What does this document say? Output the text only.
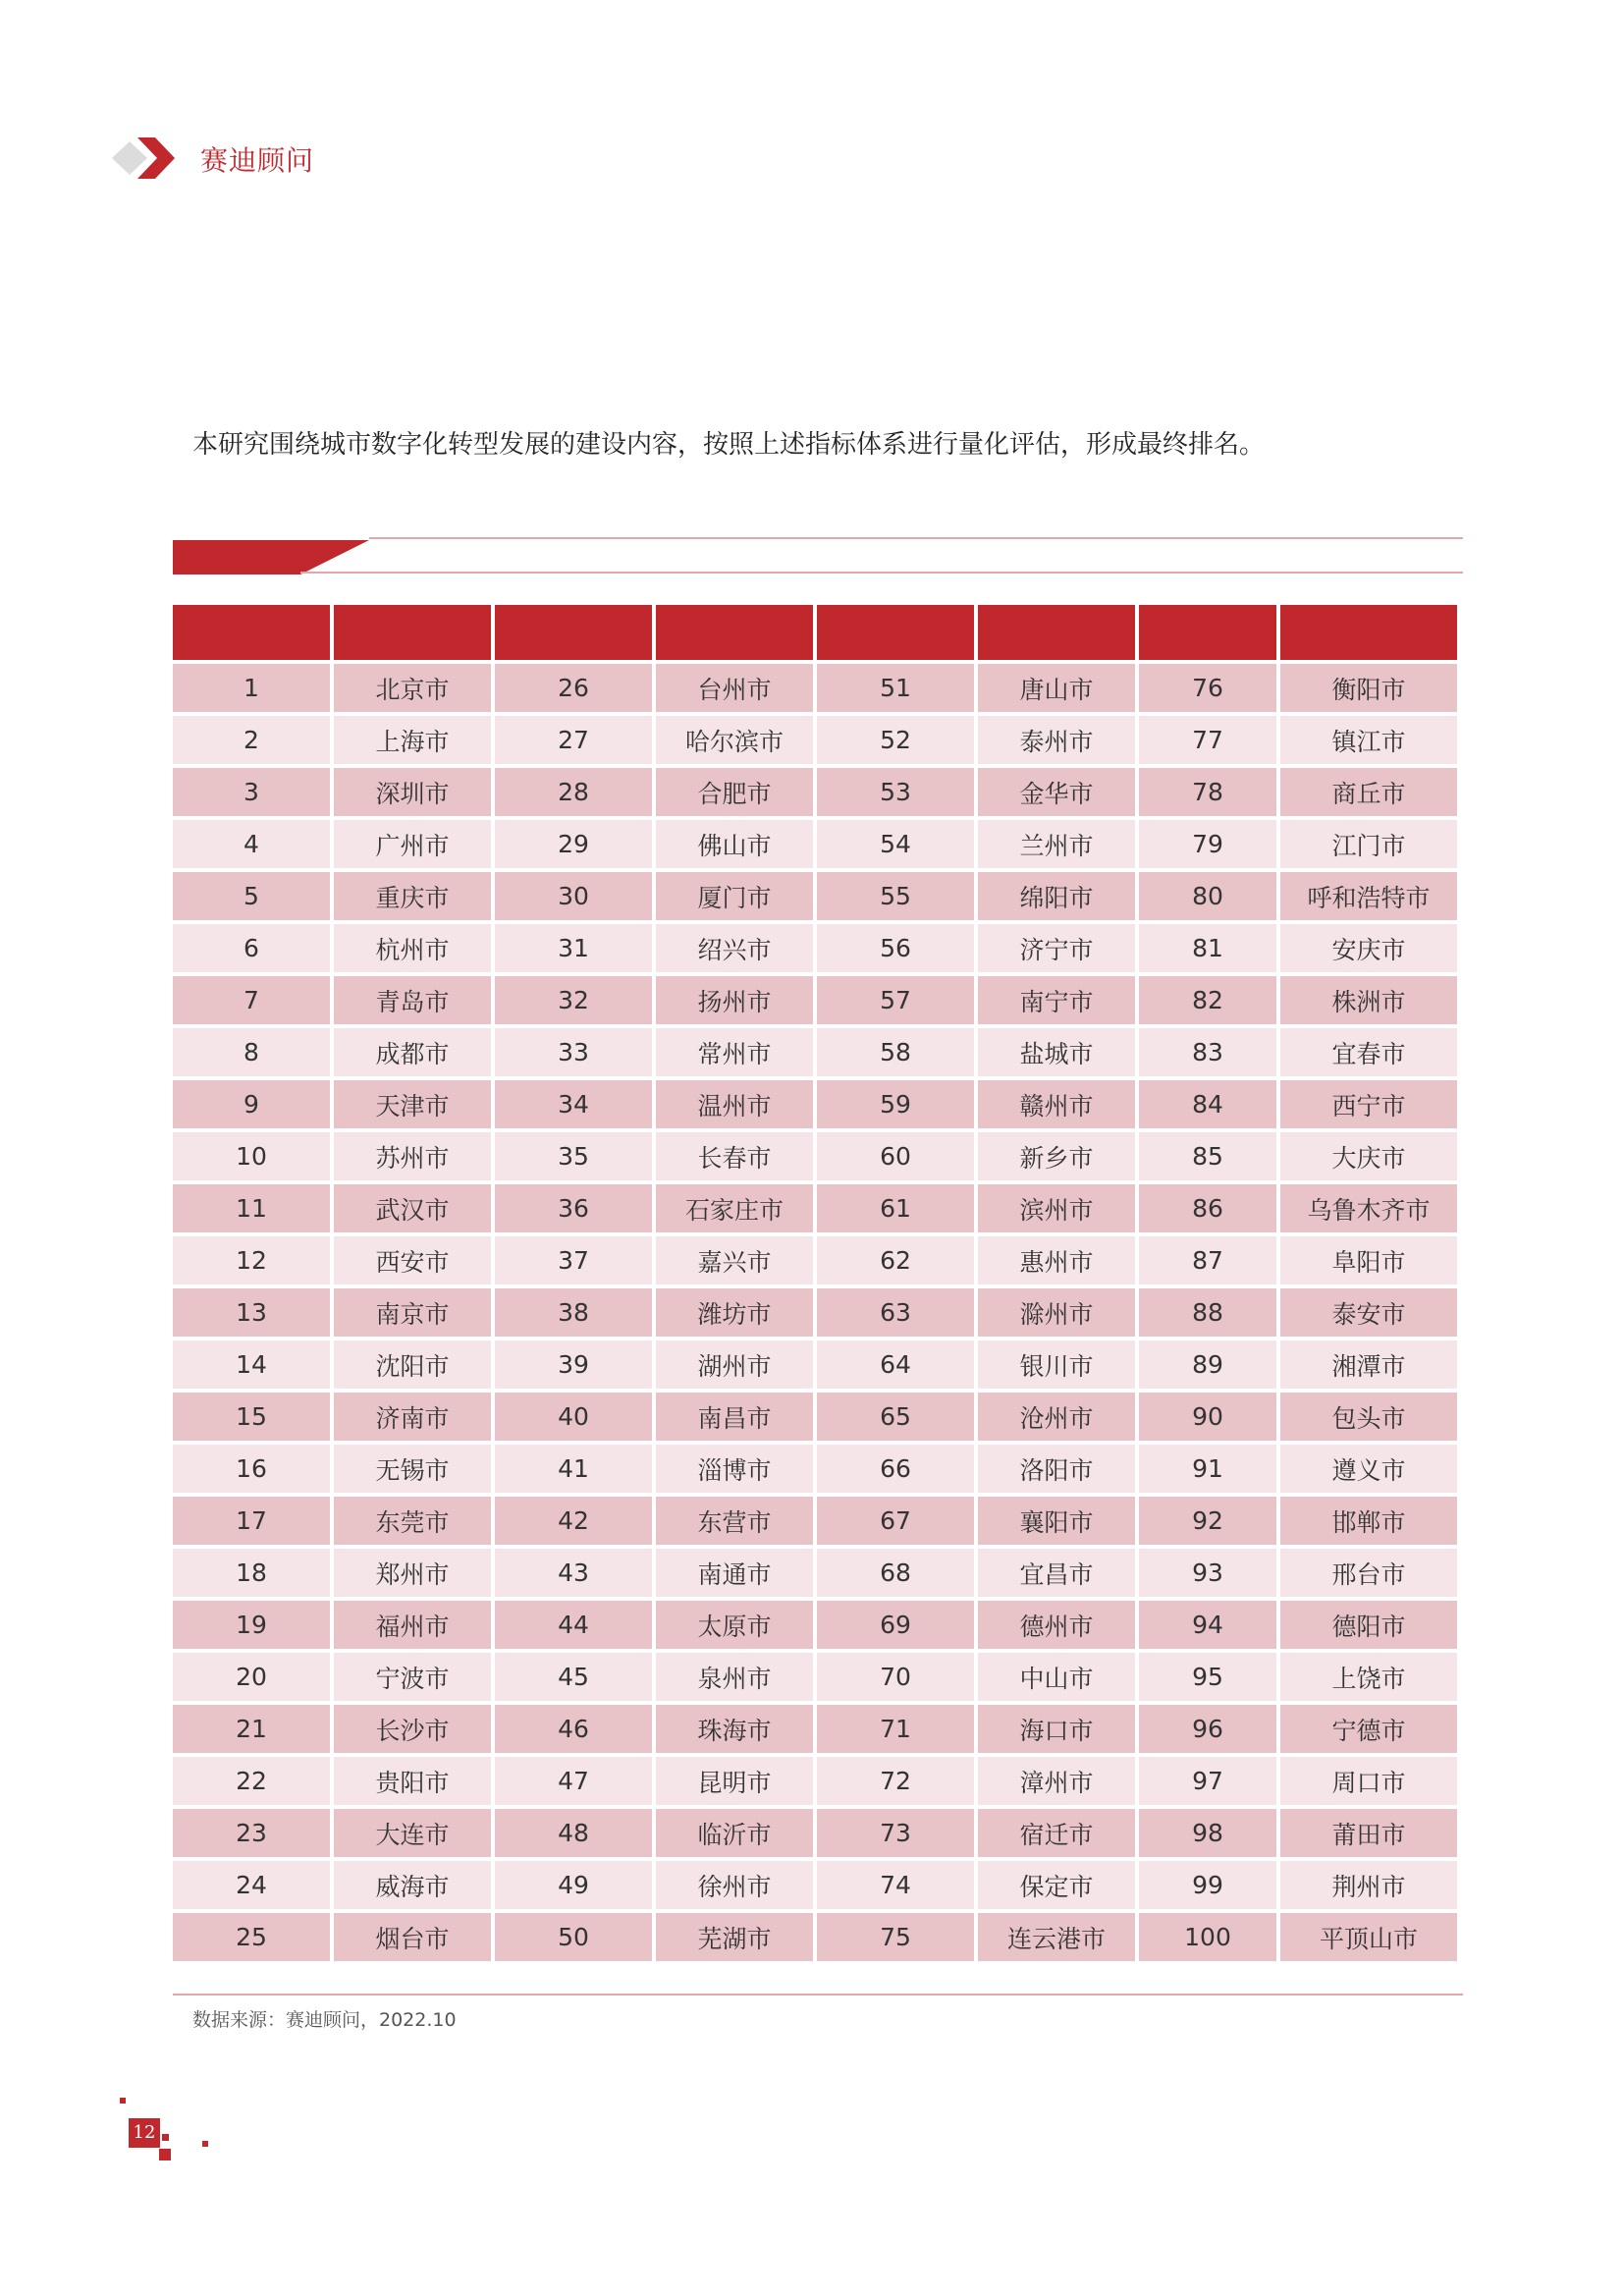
赛迪顾问
本研究围绕城市数字化转型发展的建设内容，按照上述指标体系进行量化评估，形成最终排名。

1	北京市	26	台州市	51	唐山市	76	衡阳市
2	上海市	27	哈尔滨市	52	泰州市	77	镇江市
3	深圳市	28	合肥市	53	金华市	78	商丘市
4	广州市	29	佛山市	54	兰州市	79	江门市
5	重庆市	30	厦门市	55	绵阳市	80	呼和浩特市
6	杭州市	31	绍兴市	56	济宁市	81	安庆市
7	青岛市	32	扬州市	57	南宁市	82	株洲市
8	成都市	33	常州市	58	盐城市	83	宜春市
9	天津市	34	温州市	59	赣州市	84	西宁市
10	苏州市	35	长春市	60	新乡市	85	大庆市
11	武汉市	36	石家庄市	61	滨州市	86	乌鲁木齐市
12	西安市	37	嘉兴市	62	惠州市	87	阜阳市
13	南京市	38	潍坊市	63	滁州市	88	泰安市
14	沈阳市	39	湖州市	64	银川市	89	湘潭市
15	济南市	40	南昌市	65	沧州市	90	包头市
16	无锡市	41	淄博市	66	洛阳市	91	遵义市
17	东莞市	42	东营市	67	襄阳市	92	邯郸市
18	郑州市	43	南通市	68	宜昌市	93	邢台市
19	福州市	44	太原市	69	德州市	94	德阳市
20	宁波市	45	泉州市	70	中山市	95	上饶市
21	长沙市	46	珠海市	71	海口市	96	宁德市
22	贵阳市	47	昆明市	72	漳州市	97	周口市
23	大连市	48	临沂市	73	宿迁市	98	莆田市
24	威海市	49	徐州市	74	保定市	99	荆州市
25	烟台市	50	芜湖市	75	连云港市	100	平顶山市
数据来源：赛迪顾问，2022.10
12
